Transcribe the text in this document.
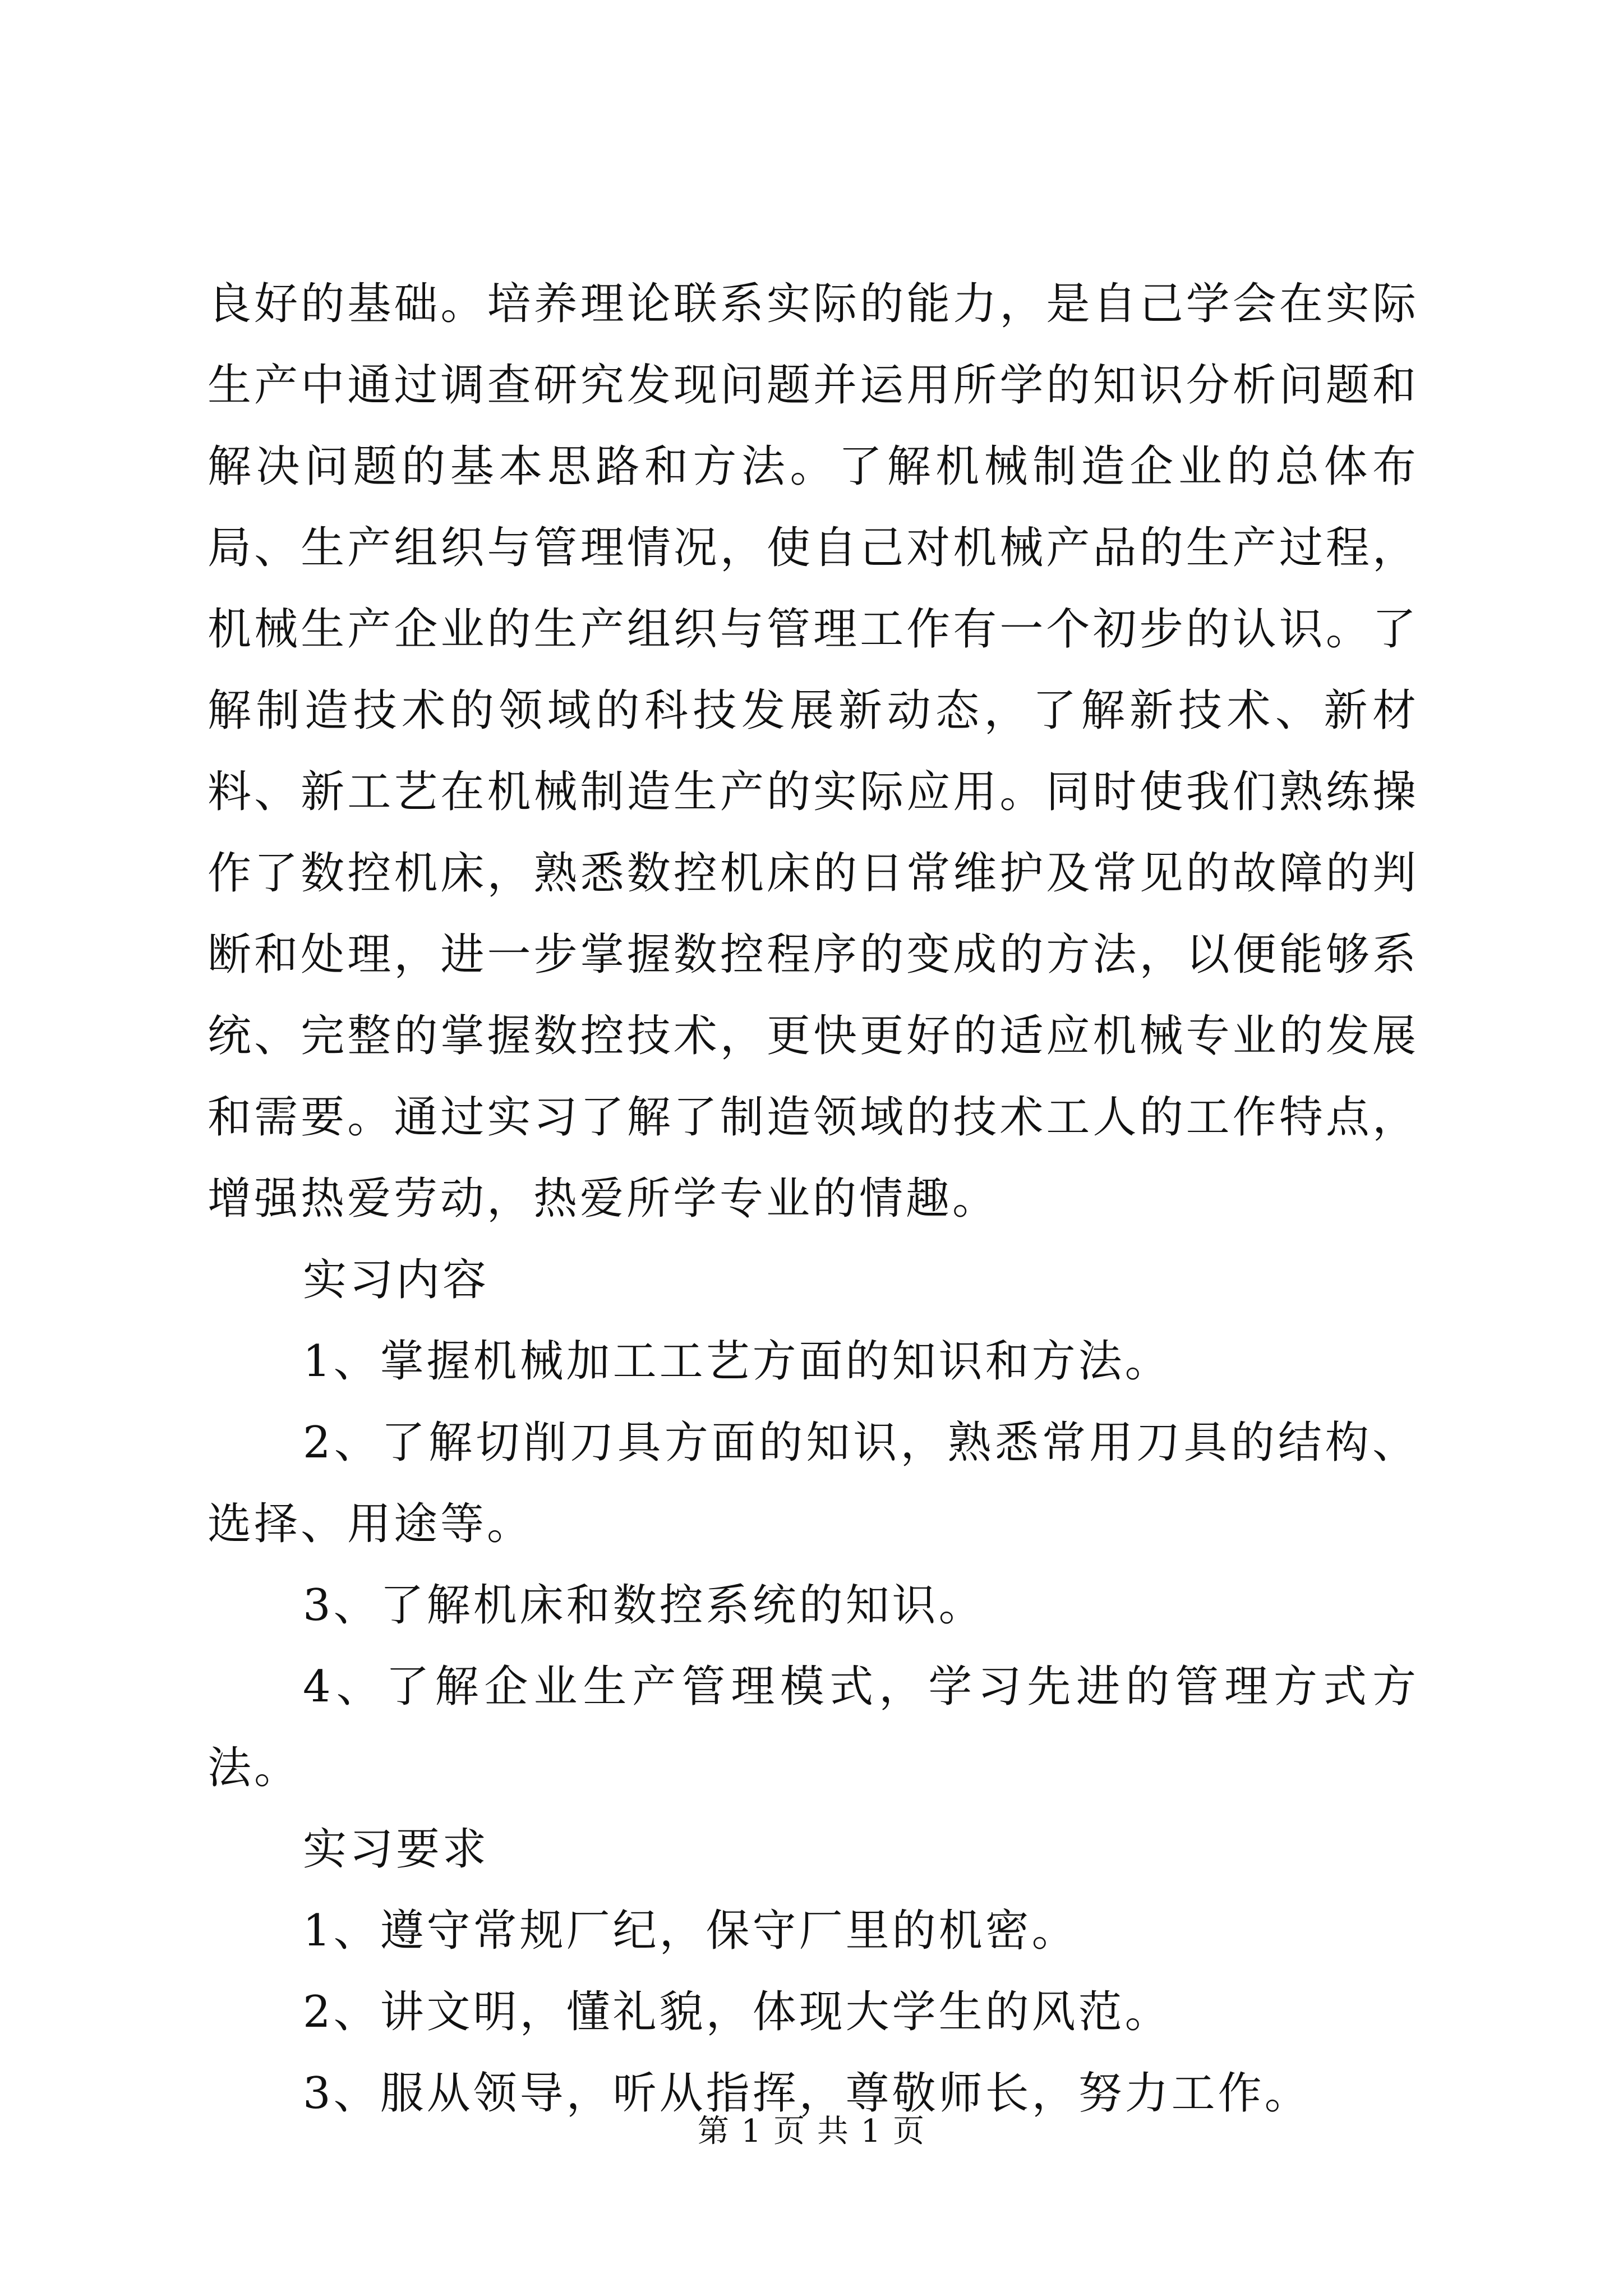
良好的基础。培养理论联系实际的能力，是自己学会在实际生产中通过调查研究发现问题并运用所学的知识分析问题和解决问题的基本思路和方法。了解机械制造企业的总体布局、生产组织与管理情况，使自己对机械产品的生产过程，机械生产企业的生产组织与管理工作有一个初步的认识。了解制造技术的领域的科技发展新动态，了解新技术、新材料、新工艺在机械制造生产的实际应用。同时使我们熟练操作了数控机床，熟悉数控机床的日常维护及常见的故障的判断和处理，进一步掌握数控程序的变成的方法，以便能够系统、完整的掌握数控技术，更快更好的适应机械专业的发展和需要。通过实习了解了制造领域的技术工人的工作特点，增强热爱劳动，热爱所学专业的情趣。

实习内容

1、掌握机械加工工艺方面的知识和方法。

2、了解切削刀具方面的知识，熟悉常用刀具的结构、选择、用途等。

3、了解机床和数控系统的知识。

4、了解企业生产管理模式，学习先进的管理方式方法。

实习要求

1、遵守常规厂纪，保守厂里的机密。

2、讲文明，懂礼貌，体现大学生的风范。

3、服从领导，听从指挥，尊敬师长，努力工作。

第 1 页 共 1 页
